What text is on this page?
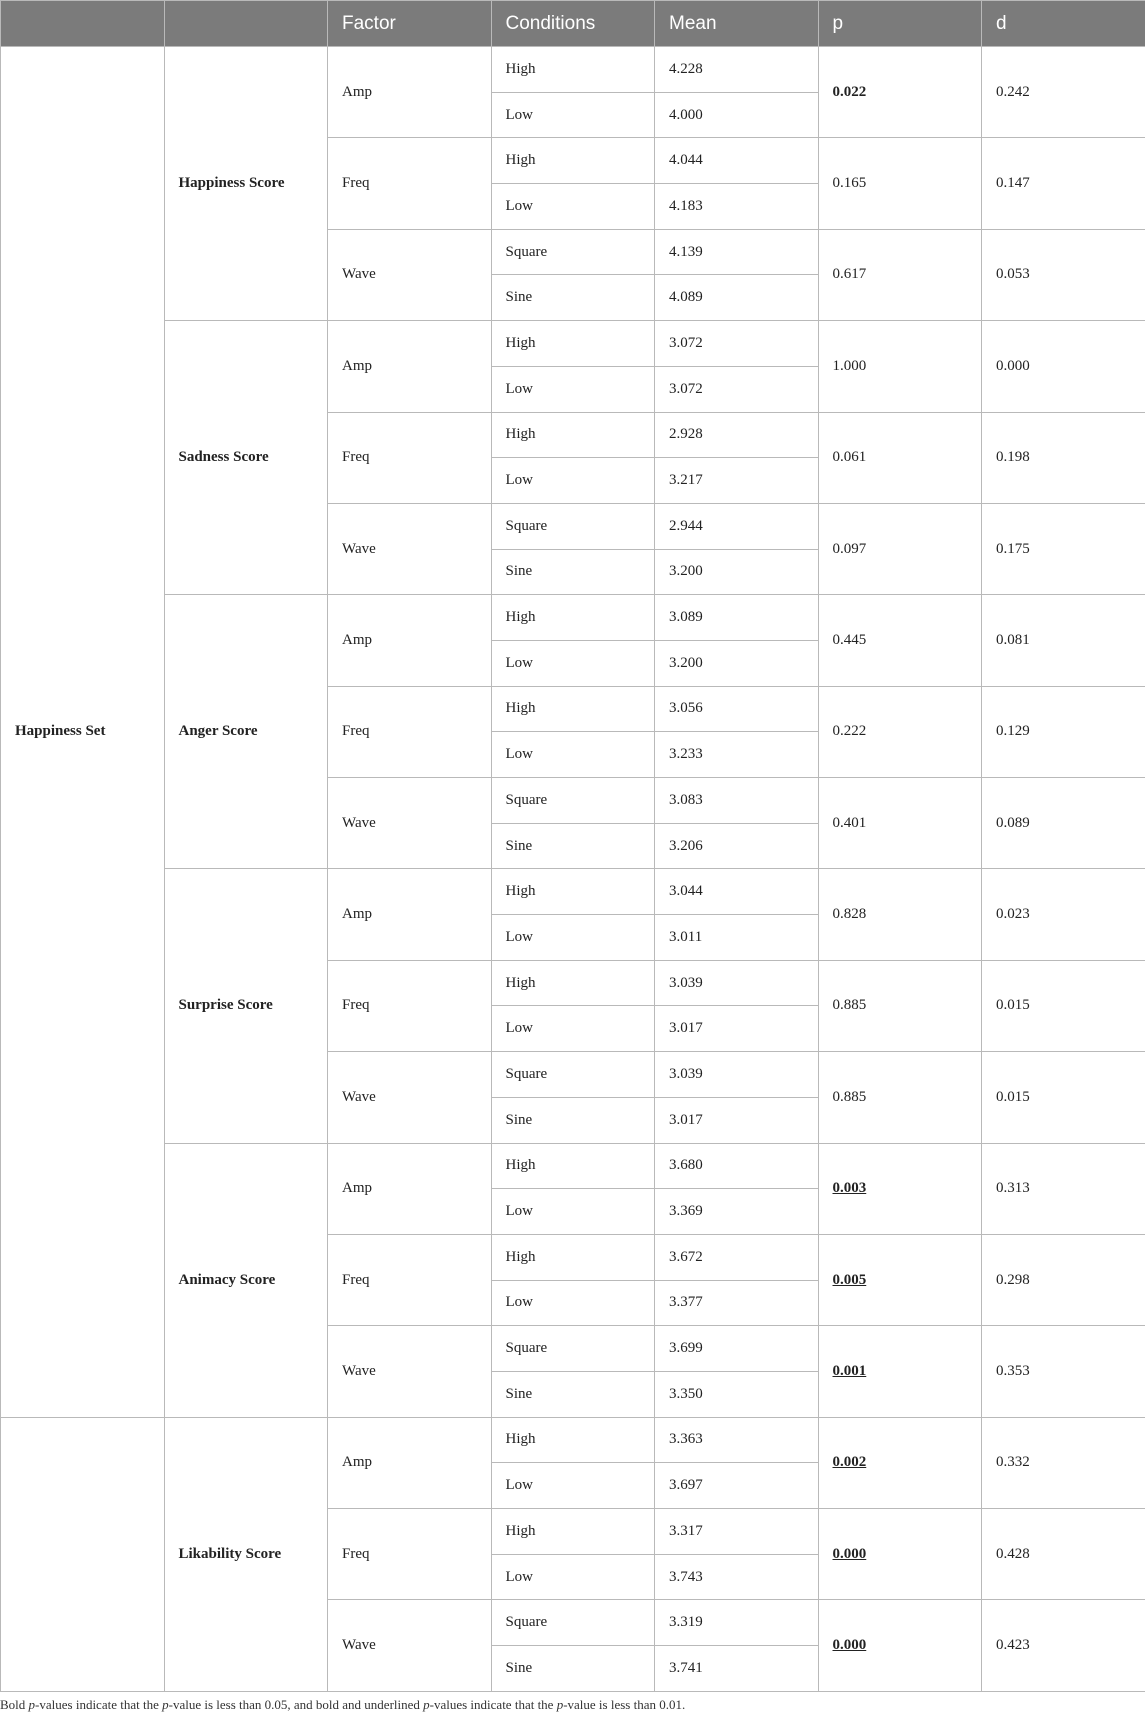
		Factor	Conditions	Mean	p	d
Happiness Set	Happiness Score	Amp	High	4.228	0.022	0.242
			Low	4.000		
		Freq	High	4.044	0.165	0.147
			Low	4.183		
		Wave	Square	4.139	0.617	0.053
			Sine	4.089		
	Sadness Score	Amp	High	3.072	1.000	0.000
			Low	3.072		
		Freq	High	2.928	0.061	0.198
			Low	3.217		
		Wave	Square	2.944	0.097	0.175
			Sine	3.200		
	Anger Score	Amp	High	3.089	0.445	0.081
			Low	3.200		
		Freq	High	3.056	0.222	0.129
			Low	3.233		
		Wave	Square	3.083	0.401	0.089
			Sine	3.206		
	Surprise Score	Amp	High	3.044	0.828	0.023
			Low	3.011		
		Freq	High	3.039	0.885	0.015
			Low	3.017		
		Wave	Square	3.039	0.885	0.015
			Sine	3.017		
	Animacy Score	Amp	High	3.680	0.003	0.313
			Low	3.369		
		Freq	High	3.672	0.005	0.298
			Low	3.377		
		Wave	Square	3.699	0.001	0.353
			Sine	3.350		
	Likability Score	Amp	High	3.363	0.002	0.332
			Low	3.697		
		Freq	High	3.317	0.000	0.428
			Low	3.743		
		Wave	Square	3.319	0.000	0.423
			Sine	3.741		

Bold p-values indicate that the p-value is less than 0.05, and bold and underlined p-values indicate that the p-value is less than 0.01.
